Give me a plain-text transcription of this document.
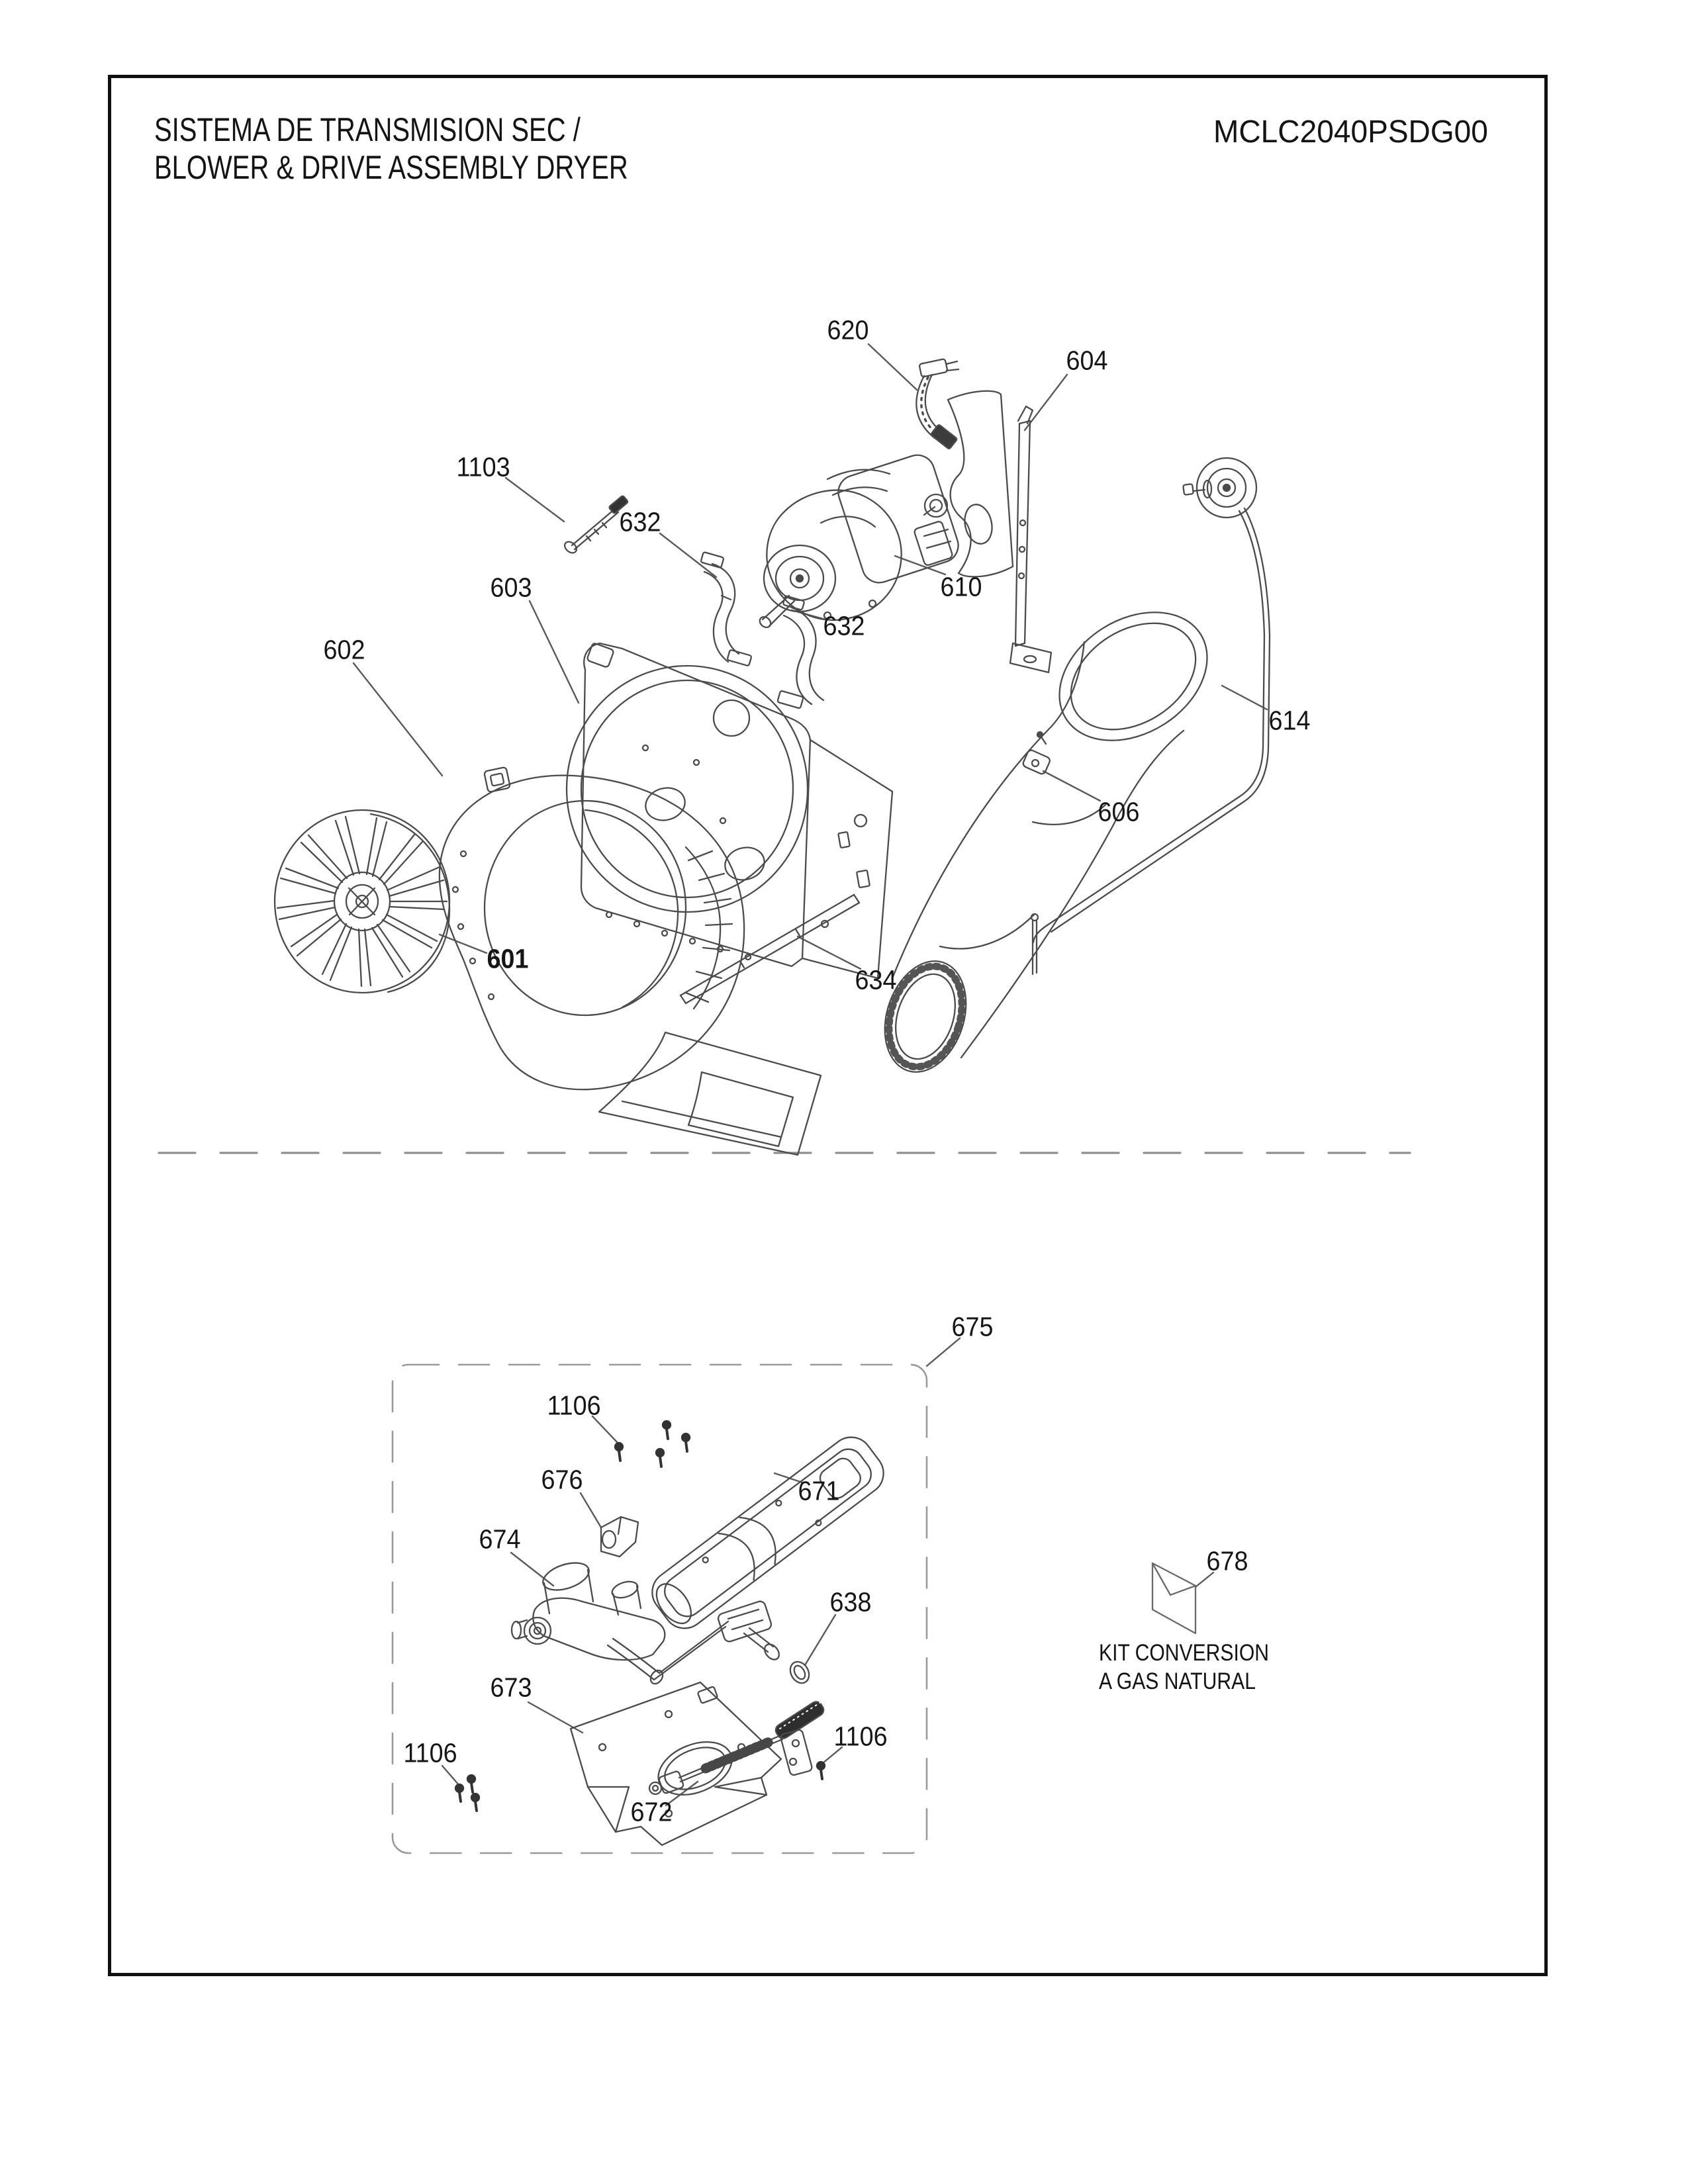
SISTEMA DE TRANSMISION SEC /
BLOWER & DRIVE ASSEMBLY DRYER
MCLC2040PSDG00
620
604
1103
632
603	610
632
602
614
606
601
634
675
1106
676	671
674
638
678
673
1106
1106
672
KIT CONVERSION
A GAS NATURAL
